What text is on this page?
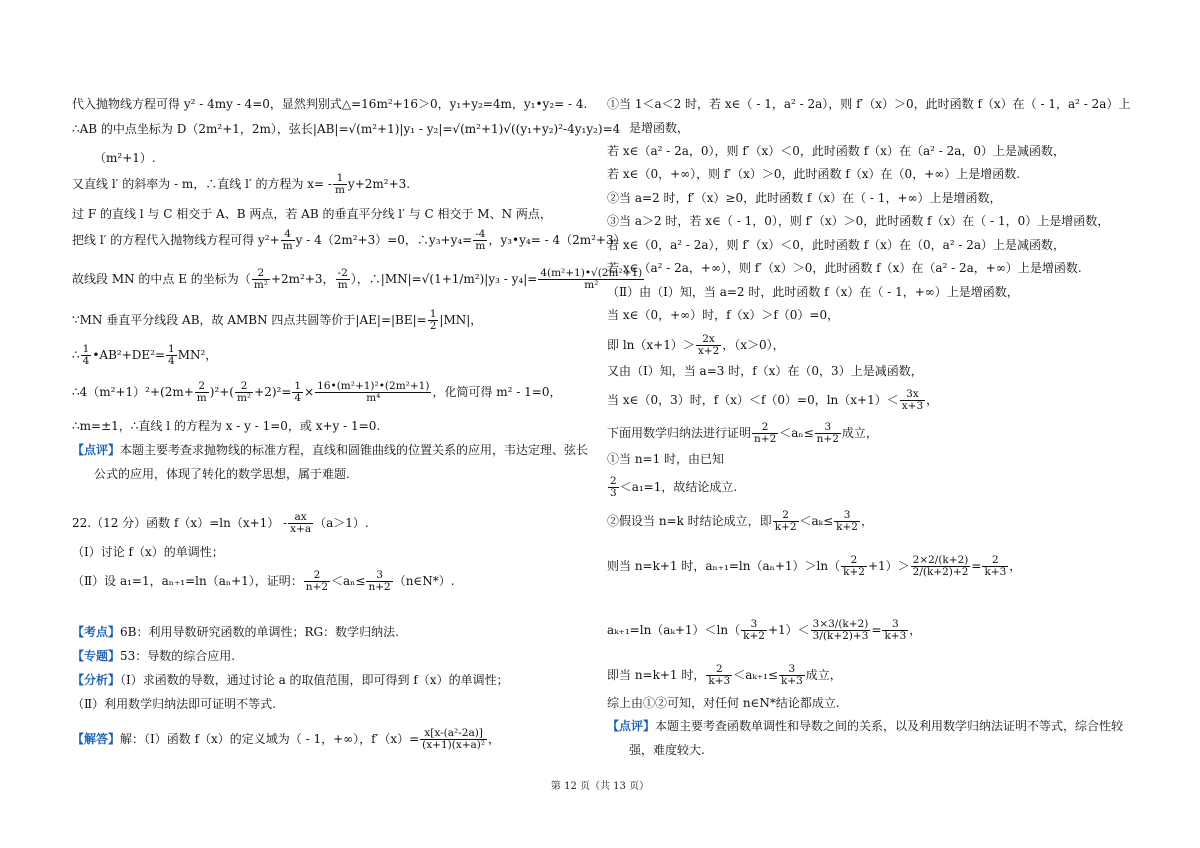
代入抛物线方程可得 y² - 4my - 4=0，显然判别式△=16m²+16＞0，y₁+y₂=4m，y₁•y₂= - 4.
∴AB 的中点坐标为 D（2m²+1，2m），弦长|AB|=√(m²+1)|y₁ - y₂|=√(m²+1)√((y₁+y₂)²-4y₁y₂)=4
（m²+1）.
又直线 l′ 的斜率为 - m，∴直线 l′ 的方程为 $x= - \frac{1}{m} y+2m^2+3$.
过 F 的直线 l 与 C 相交于 A、B 两点，若 AB 的垂直平分线 l′ 与 C 相交于 M、N 两点，
把线 l′ 的方程代入抛物线方程可得 $y^2+ \frac{4}{m}$ y - 4（2m²+3）=0，∴y₃+y₄= $\frac{-4}{m}$ ，y₃•y₄= - 4（2m²+3）.
故线段 MN 的中点 E 的坐标为（ $\frac{2}{\text{m²}} +2m^2+3$， $\frac{-2}{m}$ ），∴|MN|=√(1+1/m²)|y₃ - $y_4|= \frac{\text{4(m²+1)•√(2m²+1)}}{\text{m²}}$
∵MN 垂直平分线段 AB，故 AMBN 四点共圆等价于$|AE|=|BE|= \frac{1}{2} |MN|$，
∴ $\frac{1}{4}$ •AB²+DE²= $\frac{1}{4} MN^2$，
∴4（m²+1）²+(2m+ $\frac{2}{m} )^2+( \frac{2}{\text{m²}} +2)^2= \frac{1}{4} \times \frac{\text{16•(m²+1)²•(2m²+1)}}{\text{m⁴}}$ ，化简可得 m² - 1=0，
∴m=±1，∴直线 l 的方程为 x - y - 1=0，或 x+y - 1=0.
【点评】本题主要考查求抛物线的标准方程，直线和圆锥曲线的位置关系的应用，韦达定理、弦长
公式的应用，体现了转化的数学思想，属于难题.
22.（12 分）函数 $f(x)=\ln(x+1) - \frac{ax}{x+a} (a>1)$.
（Ⅰ）讨论 f（x）的单调性；
（Ⅱ）设 a₁=1，aₙ₊₁=ln（aₙ+1），证明： $\frac{2}{n+2} <a_n\le \frac{3}{n+2}$ （n∈N*）.
【考点】6B：利用导数研究函数的单调性；RG：数学归纳法.
【专题】53：导数的综合应用.
【分析】（Ⅰ）求函数的导数，通过讨论 a 的取值范围，即可得到 f（x）的单调性；
（Ⅱ）利用数学归纳法即可证明不等式.
【解答】解：（Ⅰ）函数 f（x）的定义域为（ - 1，+∞），$f'(x)= \frac{\text{x[x-(a²-2a)]}}{\text{(x+1)(x+a)²}}$ ，
①当 1＜a＜2 时，若 x∈（ - 1，a² - 2a），则 f′（x）＞0，此时函数 f（x）在（ - 1，a² - 2a）上
是增函数，
若 x∈（a² - 2a，0），则 f′（x）＜0，此时函数 f（x）在（a² - 2a，0）上是减函数，
若 x∈（0，+∞），则 f′（x）＞0，此时函数 f（x）在（0，+∞）上是增函数.
②当 a=2 时，f′（x）≥0，此时函数 f（x）在（ - 1，+∞）上是增函数，
③当 a＞2 时，若 x∈（ - 1，0），则 f′（x）＞0，此时函数 f（x）在（ - 1，0）上是增函数，
若 x∈（0，a² - 2a），则 f′（x）＜0，此时函数 f（x）在（0，a² - 2a）上是减函数，
若 x∈（a² - 2a，+∞），则 f′（x）＞0，此时函数 f（x）在（a² - 2a，+∞）上是增函数.
（Ⅱ）由（Ⅰ）知，当 a=2 时，此时函数 f（x）在（ - 1，+∞）上是增函数，
当 x∈（0，+∞）时，f（x）＞f（0）=0，
即 $\ln(x+1)> \frac{2x}{x+2}$ ，（x＞0），
又由（Ⅰ）知，当 a=3 时，f（x）在（0，3）上是减函数，
当 x∈（0，3）时，f（x）＜f（0）=0，$\ln(x+1)< \frac{3x}{x+3}$ ，
下面用数学归纳法进行证明 $\frac{2}{n+2} <a_n\le \frac{3}{n+2}$ 成立，
①当 n=1 时，由已知
$\frac{2}{3} <a_1=1$，故结论成立.
②假设当 n=k 时结论成立，即 $\frac{2}{k+2} <a_k\le \frac{3}{k+2}$ ，
则当 n=k+1 时，$a_{n+1}=\ln(a_n+1)>\ln( \frac{2}{k+2} +1)> \frac{2\times 2/(k+2)}{2/(k+2)+2} = \frac{2}{k+3}$ ，
$a_{k+1}=\ln(a_k+1)<\ln( \frac{3}{k+2} +1)< \frac{3\times 3/(k+2)}{3/(k+2)+3} = \frac{3}{k+3}$ ，
即当 n=k+1 时， $\frac{2}{k+3} <a_{k+1}\le \frac{3}{k+3}$ 成立，
综上由①②可知，对任何 n∈N*结论都成立.
【点评】本题主要考查函数单调性和导数之间的关系，以及利用数学归纳法证明不等式，综合性较
强，难度较大.
第 12 页（共 13 页）
